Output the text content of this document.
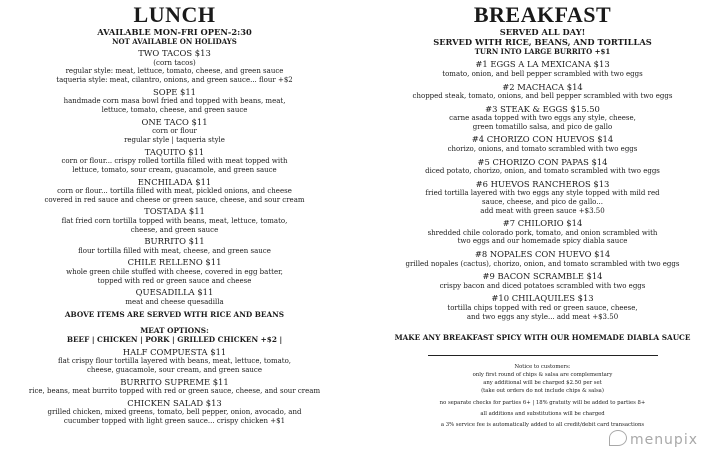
LUNCH
AVAILABLE MON-FRI OPEN-2:30
NOT AVAILABLE ON HOLIDAYS
TWO TACOS $13
(corn tacos)
regular style: meat, lettuce, tomato, cheese, and green sauce
taqueria style: meat, cilantro, onions, and green sauce... flour +$2
SOPE $11
handmade corn masa bowl fried and topped with beans, meat,
lettuce, tomato, cheese, and green sauce
ONE TACO $11
corn or flour
regular style | taqueria style
TAQUITO $11
corn or flour... crispy rolled tortilla filled with meat topped with
lettuce, tomato, sour cream, guacamole, and green sauce
ENCHILADA $11
corn or flour... tortilla filled with meat, pickled onions, and cheese
covered in red sauce and cheese or green sauce, cheese, and sour cream
TOSTADA $11
flat fried corn tortilla topped with beans, meat, lettuce, tomato,
cheese, and green sauce
BURRITO $11
flour tortilla filled with meat, cheese, and green sauce
CHILE RELLENO $11
whole green chile stuffed with cheese, covered in egg batter,
topped with red or green sauce and cheese
QUESADILLA $11
meat and cheese quesadilla
ABOVE ITEMS ARE SERVED WITH RICE AND BEANS
MEAT OPTIONS:
BEEF | CHICKEN | PORK | GRILLED CHICKEN +$2 |
HALF COMPUESTA $11
flat crispy flour tortilla layered with beans, meat, lettuce, tomato,
cheese, guacamole, sour cream, and green sauce
BURRITO SUPREME $11
rice, beans, meat burrito topped with red or green sauce, cheese, and sour cream
CHICKEN SALAD $13
grilled chicken, mixed greens, tomato, bell pepper, onion, avocado, and
cucumber topped with light green sauce... crispy chicken +$1
BREAKFAST
SERVED ALL DAY!
SERVED WITH RICE, BEANS, AND TORTILLAS
TURN INTO LARGE BURRITO +$1
#1 EGGS A LA MEXICANA $13
tomato, onion, and bell pepper scrambled with two eggs
#2 MACHACA $14
chopped steak, tomato, onions, and bell pepper scrambled with two eggs
#3 STEAK & EGGS $15.50
carne asada topped with two eggs any style, cheese,
green tomatillo salsa, and pico de gallo
#4 CHORIZO CON HUEVOS $14
chorizo, onions, and tomato scrambled with two eggs
#5 CHORIZO CON PAPAS $14
diced potato, chorizo, onion, and tomato scrambled with two eggs
#6 HUEVOS RANCHEROS $13
fried tortilla layered with two eggs any style topped with mild red
sauce, cheese, and pico de gallo...
add meat with green sauce +$3.50
#7 CHILORIO $14
shredded chile colorado pork, tomato, and onion scrambled with
two eggs and our homemade spicy diabla sauce
#8 NOPALES CON HUEVO $14
grilled nopales (cactus), chorizo, onion, and tomato scrambled with two eggs
#9 BACON SCRAMBLE $14
crispy bacon and diced potatoes scrambled with two eggs
#10 CHILAQUILES $13
tortilla chips topped with red or green sauce, cheese,
and two eggs any style... add meat +$3.50
MAKE ANY BREAKFAST SPICY WITH OUR HOMEMADE DIABLA SAUCE
Notice to customers:
only first round of chips & salsa are complementary
any additional will be charged $2.50 per set
(take out orders do not include chips & salsa)
no separate checks for parties 6+ | 18% gratuity will be added to parties 8+
all additions and substitutions will be charged
a 3% service fee is automatically added to all credit/debit card transactions
menupix
